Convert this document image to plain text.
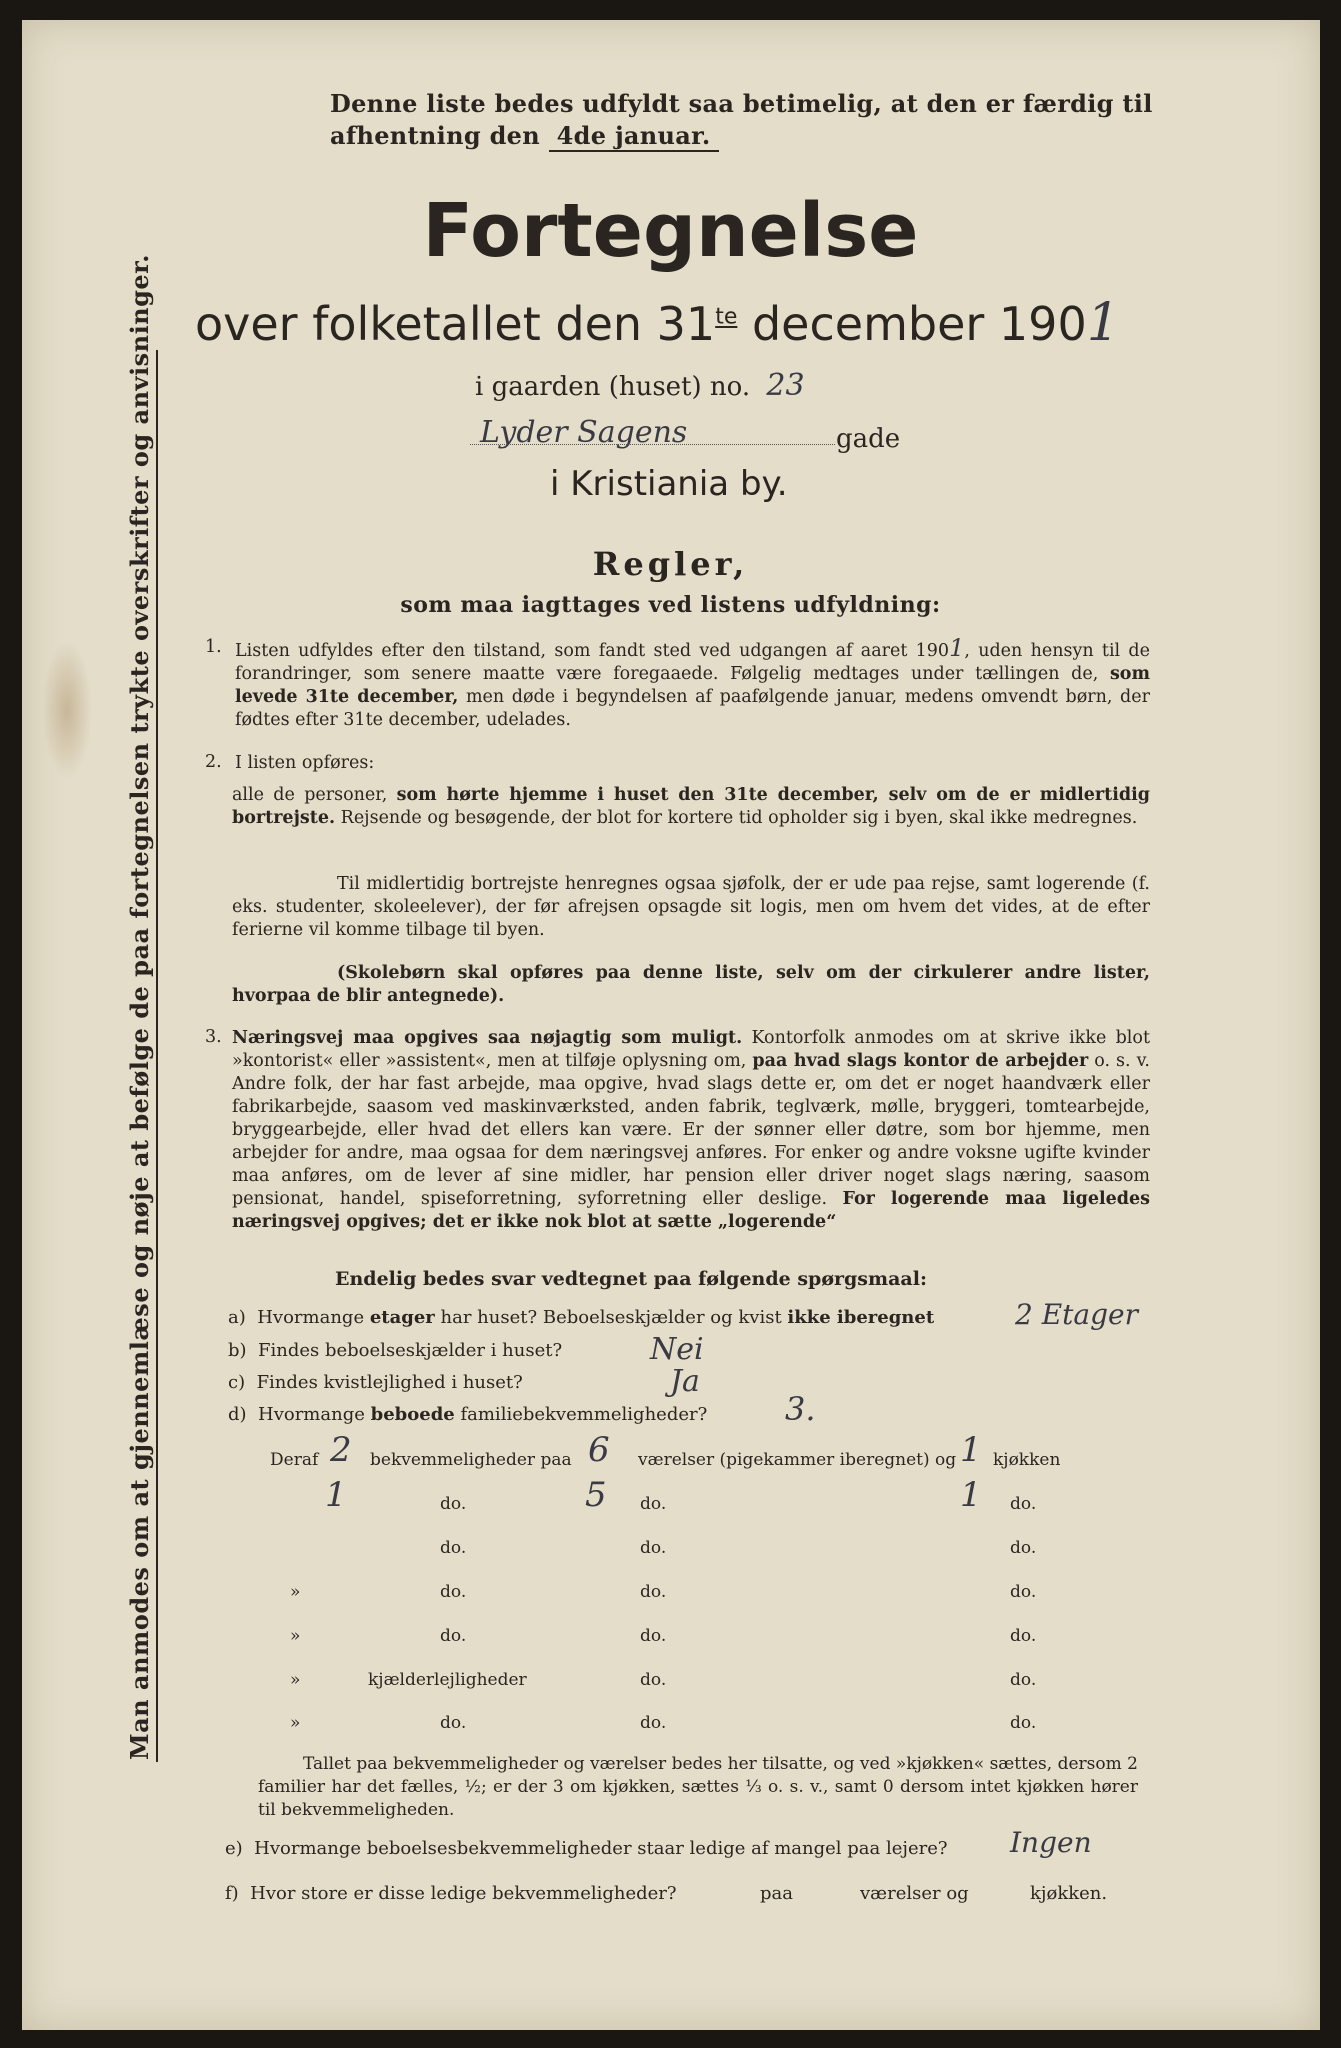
Man anmodes om at gjennemlæse og nøje at befølge de paa fortegnelsen trykte overskrifter og anvisninger.
Denne liste bedes udfyldt saa betimelig, at den er færdig til
afhentning den 4de januar.
Fortegnelse
over folketallet den $31^{te}$ december 1901
i gaarden (huset) no. 23
Lyder Sagens	gade
i Kristiania by.
Regler,
som maa iagttages ved listens udfyldning:
1. Listen udfyldes efter den tilstand, som fandt sted ved udgangen af aaret 1901, uden hensyn til de forandringer, som senere maatte være foregaaede. Følgelig medtages under tællingen de, som levede 31te december, men døde i begyndelsen af paafølgende januar, medens omvendt børn, der fødtes efter 31te december, udelades.
2. I listen opføres:
alle de personer, som hørte hjemme i huset den 31te december, selv om de er midlertidig bortrejste. Rejsende og besøgende, der blot for kortere tid opholder sig i byen, skal ikke medregnes.
Til midlertidig bortrejste henregnes ogsaa sjøfolk, der er ude paa rejse, samt logerende (f. eks. studenter, skoleelever), der før afrejsen opsagde sit logis, men om hvem det vides, at de efter ferierne vil komme tilbage til byen.
(Skolebørn skal opføres paa denne liste, selv om der cirkulerer andre lister, hvorpaa de blir antegnede).
3. Næringsvej maa opgives saa nøjagtig som muligt. Kontorfolk anmodes om at skrive ikke blot »kontorist« eller »assistent«, men at tilføje oplysning om, paa hvad slags kontor de arbejder o. s. v. Andre folk, der har fast arbejde, maa opgive, hvad slags dette er, om det er noget haandværk eller fabrikarbejde, saasom ved maskinværksted, anden fabrik, teglværk, mølle, bryggeri, tomtearbejde, bryggearbejde, eller hvad det ellers kan være. Er der sønner eller døtre, som bor hjemme, men arbejder for andre, maa ogsaa for dem næringsvej anføres. For enker og andre voksne ugifte kvinder maa anføres, om de lever af sine midler, har pension eller driver noget slags næring, saasom pensionat, handel, spiseforretning, syforretning eller deslige. For logerende maa ligeledes næringsvej opgives; det er ikke nok blot at sætte „logerende“
Endelig bedes svar vedtegnet paa følgende spørgsmaal:
a) Hvormange etager har huset? Beboelseskjælder og kvist ikke iberegnet	2 Etager
b) Findes beboelseskjælder i huset?	Nei
c) Findes kvistlejlighed i huset?	Ja
d) Hvormange beboede familiebekvemmeligheder? 3.
Deraf 2 bekvemmeligheder paa 6 værelser (pigekammer iberegnet) og 1 kjøkken
1	do.	5 do.	1 do.
do.	do.	do.
»	do.	do.	do.
»	do.	do.	do.
»	kjælderlejligheder	do.	do.
»	do.	do.	do.
Tallet paa bekvemmeligheder og værelser bedes her tilsatte, og ved »kjøkken« sættes, dersom 2 familier har det fælles, ½; er der 3 om kjøkken, sættes ⅓ o. s. v., samt 0 dersom intet kjøkken hører til bekvemmeligheden.
e) Hvormange beboelsesbekvemmeligheder staar ledige af mangel paa lejere? Ingen
f) Hvor store er disse ledige bekvemmeligheder?	paa	værelser og	kjøkken.
